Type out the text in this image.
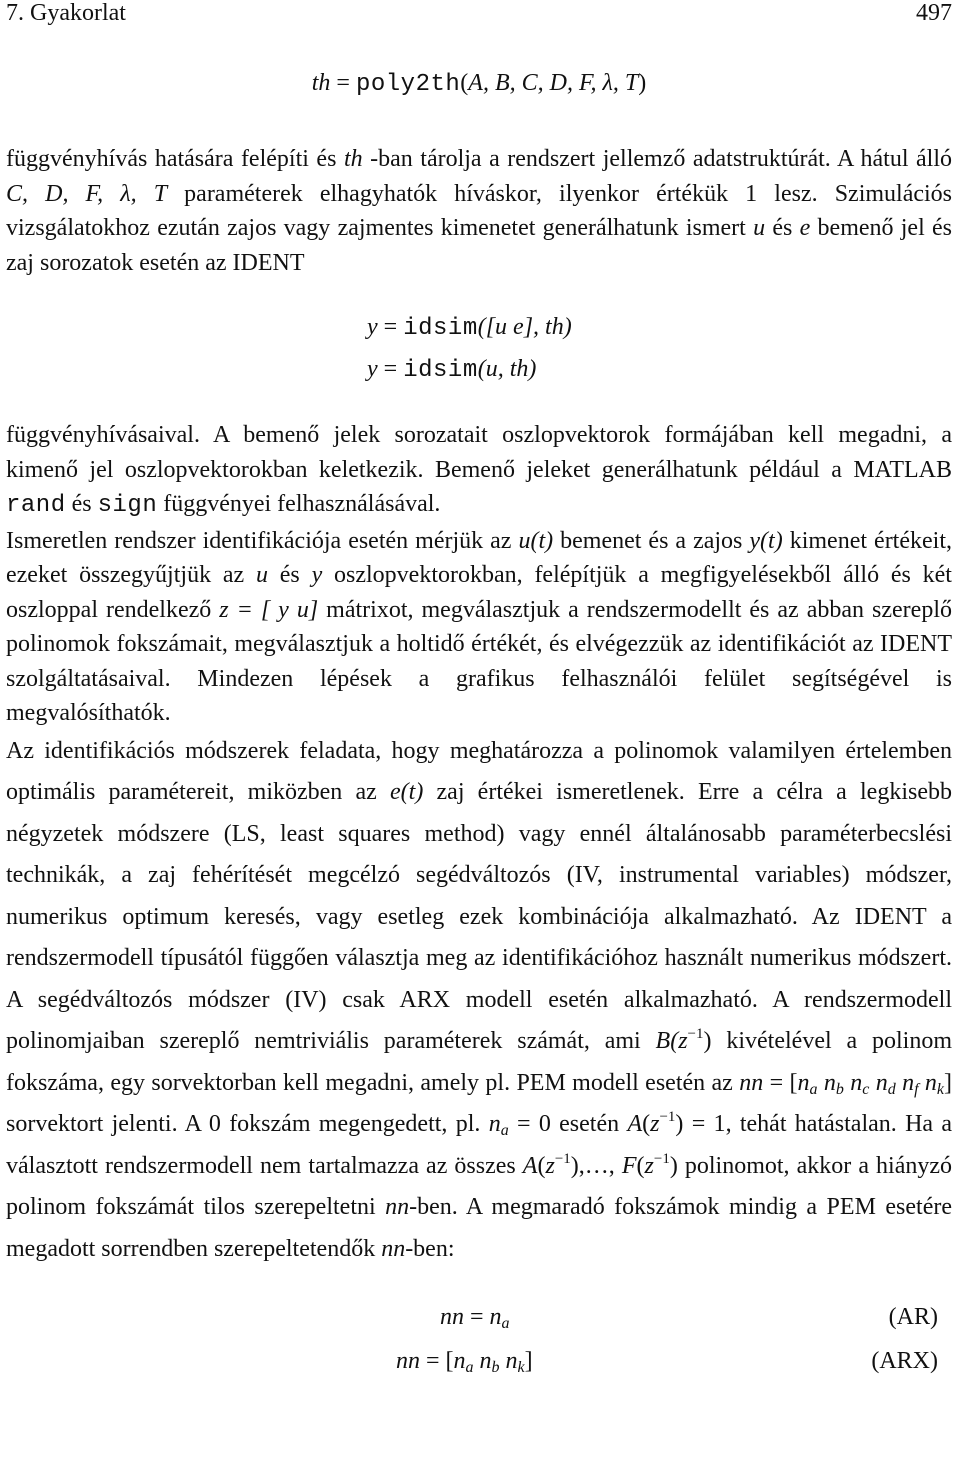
7. Gyakorlat	497
th = poly2th(A, B, C, D, F, λ, T)

függvényhívás hatására felépíti és th -ban tárolja a rendszert jellemző adatstruktúrát. A hátul álló C, D, F, λ, T paraméterek elhagyhatók híváskor, ilyenkor értékük 1 lesz. Szimulációs vizsgálatokhoz ezután zajos vagy zajmentes kimenetet generálhatunk ismert u és e bemenő jel és zaj sorozatok esetén az IDENT

y = idsim([u e], th)
y = idsim(u, th)

függvényhívásaival. A bemenő jelek sorozatait oszlopvektorok formájában kell megadni, a kimenő jel oszlopvektorokban keletkezik. Bemenő jeleket generálhatunk például a MATLAB rand és sign függvényei felhasználásával.

Ismeretlen rendszer identifikációja esetén mérjük az u(t) bemenet és a zajos y(t) kimenet értékeit, ezeket összegyűjtjük az u és y oszlopvektorokban, felépítjük a megfigyelésekből álló és két oszloppal rendelkező z = [ y u] mátrixot, megválasztjuk a rendszermodellt és az abban szereplő polinomok fokszámait, megválasztjuk a holtidő értékét, és elvégezzük az identifikációt az IDENT szolgáltatásaival. Mindezen lépések a grafikus felhasználói felület segítségével is megvalósíthatók.

Az identifikációs módszerek feladata, hogy meghatározza a polinomok valamilyen értelemben optimális paramétereit, miközben az e(t) zaj értékei ismeretlenek. Erre a célra a legkisebb négyzetek módszere (LS, least squares method) vagy ennél általánosabb paraméterbecslési technikák, a zaj fehérítését megcélzó segédváltozós (IV, instrumental variables) módszer, numerikus optimum keresés, vagy esetleg ezek kombinációja alkalmazható. Az IDENT a rendszermodell típusától függően választja meg az identifikációhoz használt numerikus módszert. A segédváltozós módszer (IV) csak ARX modell esetén alkalmazható. A rendszermodell polinomjaiban szereplő nemtriviális paraméterek számát, ami $B(z^{-1})$ kivételével a polinom fokszáma, egy sorvektorban kell megadni, amely pl. PEM modell esetén az nn = [$n_a$ $n_b$ $n_c$ $n_d$ $n_f$ $n_k$] sorvektort jelenti. A 0 fokszám megengedett, pl. $n_a = 0$ esetén $A(z^{-1}) = 1$, tehát hatástalan. Ha a választott rendszermodell nem tartalmazza az összes $A(z^{-1}),\dots$, $F(z^{-1})$ polinomot, akkor a hiányzó polinom fokszámát tilos szerepeltetni nn-ben. A megmaradó fokszámok mindig a PEM esetére megadott sorrendben szerepeltetendők nn-ben:

nn = $n_a$	(AR)
nn = [$n_a$ $n_b$ $n_k$]	(ARX)
